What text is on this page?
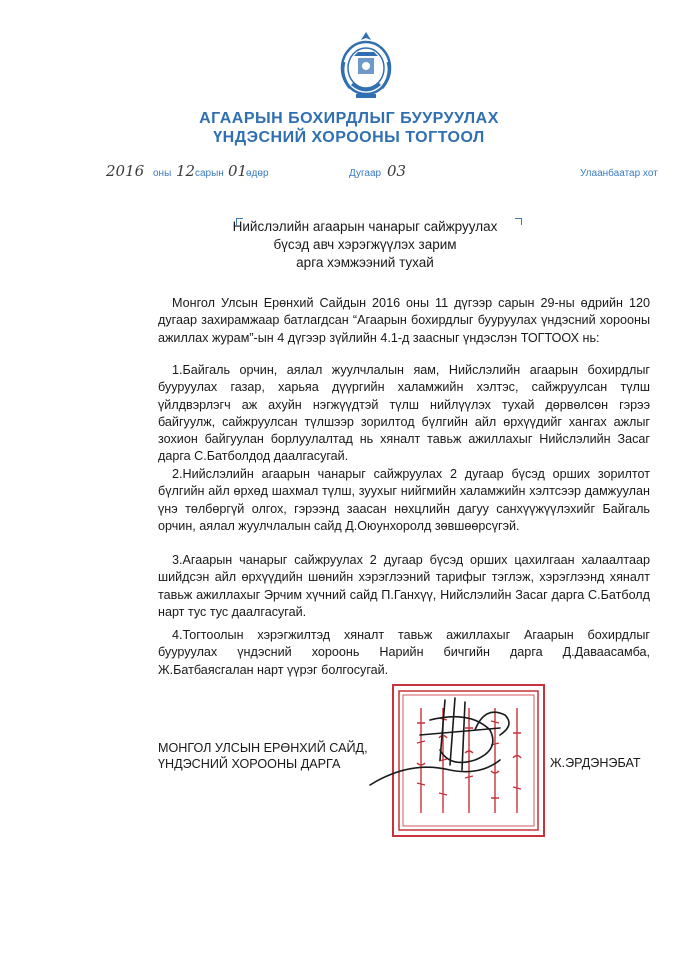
АГААРЫН БОХИРДЛЫГ БУУРУУЛАХ
ҮНДЭСНИЙ ХОРООНЫ ТОГТООЛ
2016 оны 12 сарын 01
өдөр	Дугаар 03	Улаанбаатар хот
Нийслэлийн агаарын чанарыг сайжруулах
бүсэд авч хэрэгжүүлэх зарим
арга хэмжээний тухай
Монгол Улсын Ерөнхий Сайдын 2016 оны 11 дүгээр сарын 29-ны өдрийн 120 дугаар захирамжаар батлагдсан “Агаарын бохирдлыг бууруулах үндэсний хорооны ажиллах журам”-ын 4 дүгээр зүйлийн 4.1-д заасныг үндэслэн ТОГТООХ нь:
1.Байгаль орчин, аялал жуулчлалын яам, Нийслэлийн агаарын бохирдлыг бууруулах газар, харьяа дүүргийн халамжийн хэлтэс, сайжруулсан түлш үйлдвэрлэгч аж ахуйн нэгжүүдтэй түлш нийлүүлэх тухай дөрвөлсөн гэрээ байгуулж, сайжруулсан түлшээр зорилтод бүлгийн айл өрхүүдийг хангах ажлыг зохион байгуулан борлуулалтад нь хяналт тавьж ажиллахыг Нийслэлийн Засаг дарга С.Батболдод даалгасугай.
2.Нийслэлийн агаарын чанарыг сайжруулах 2 дугаар бүсэд орших зорилтот бүлгийн айл өрхөд шахмал түлш, зуухыг нийгмийн халамжийн хэлтсээр дамжуулан үнэ төлбөргүй олгох, гэрээнд заасан нөхцлийн дагуу санхүүжүүлэхийг Байгаль орчин, аялал жуулчлалын сайд Д.Оюунхоролд зөвшөөрсүгэй.
3.Агаарын чанарыг сайжруулах 2 дугаар бүсэд орших цахилгаан халаалтаар шийдсэн айл өрхүүдийн шөнийн хэрэглээний тарифыг тэглэж, хэрэглээнд хяналт тавьж ажиллахыг Эрчим хүчний сайд П.Ганхүү, Нийслэлийн Засаг дарга С.Батболд нарт тус тус даалгасугай.
4.Тогтоолын хэрэгжилтэд хяналт тавьж ажиллахыг Агаарын бохирдлыг бууруулах үндэсний хороонь Нарийн бичгийн дарга Д.Даваасамба, Ж.Батбаясгалан нарт үүрэг болгосугай.
МОНГОЛ УЛСЫН ЕРӨНХИЙ САЙД,
ҮНДЭСНИЙ ХОРООНЫ ДАРГА	Ж.ЭРДЭНЭБАТ
